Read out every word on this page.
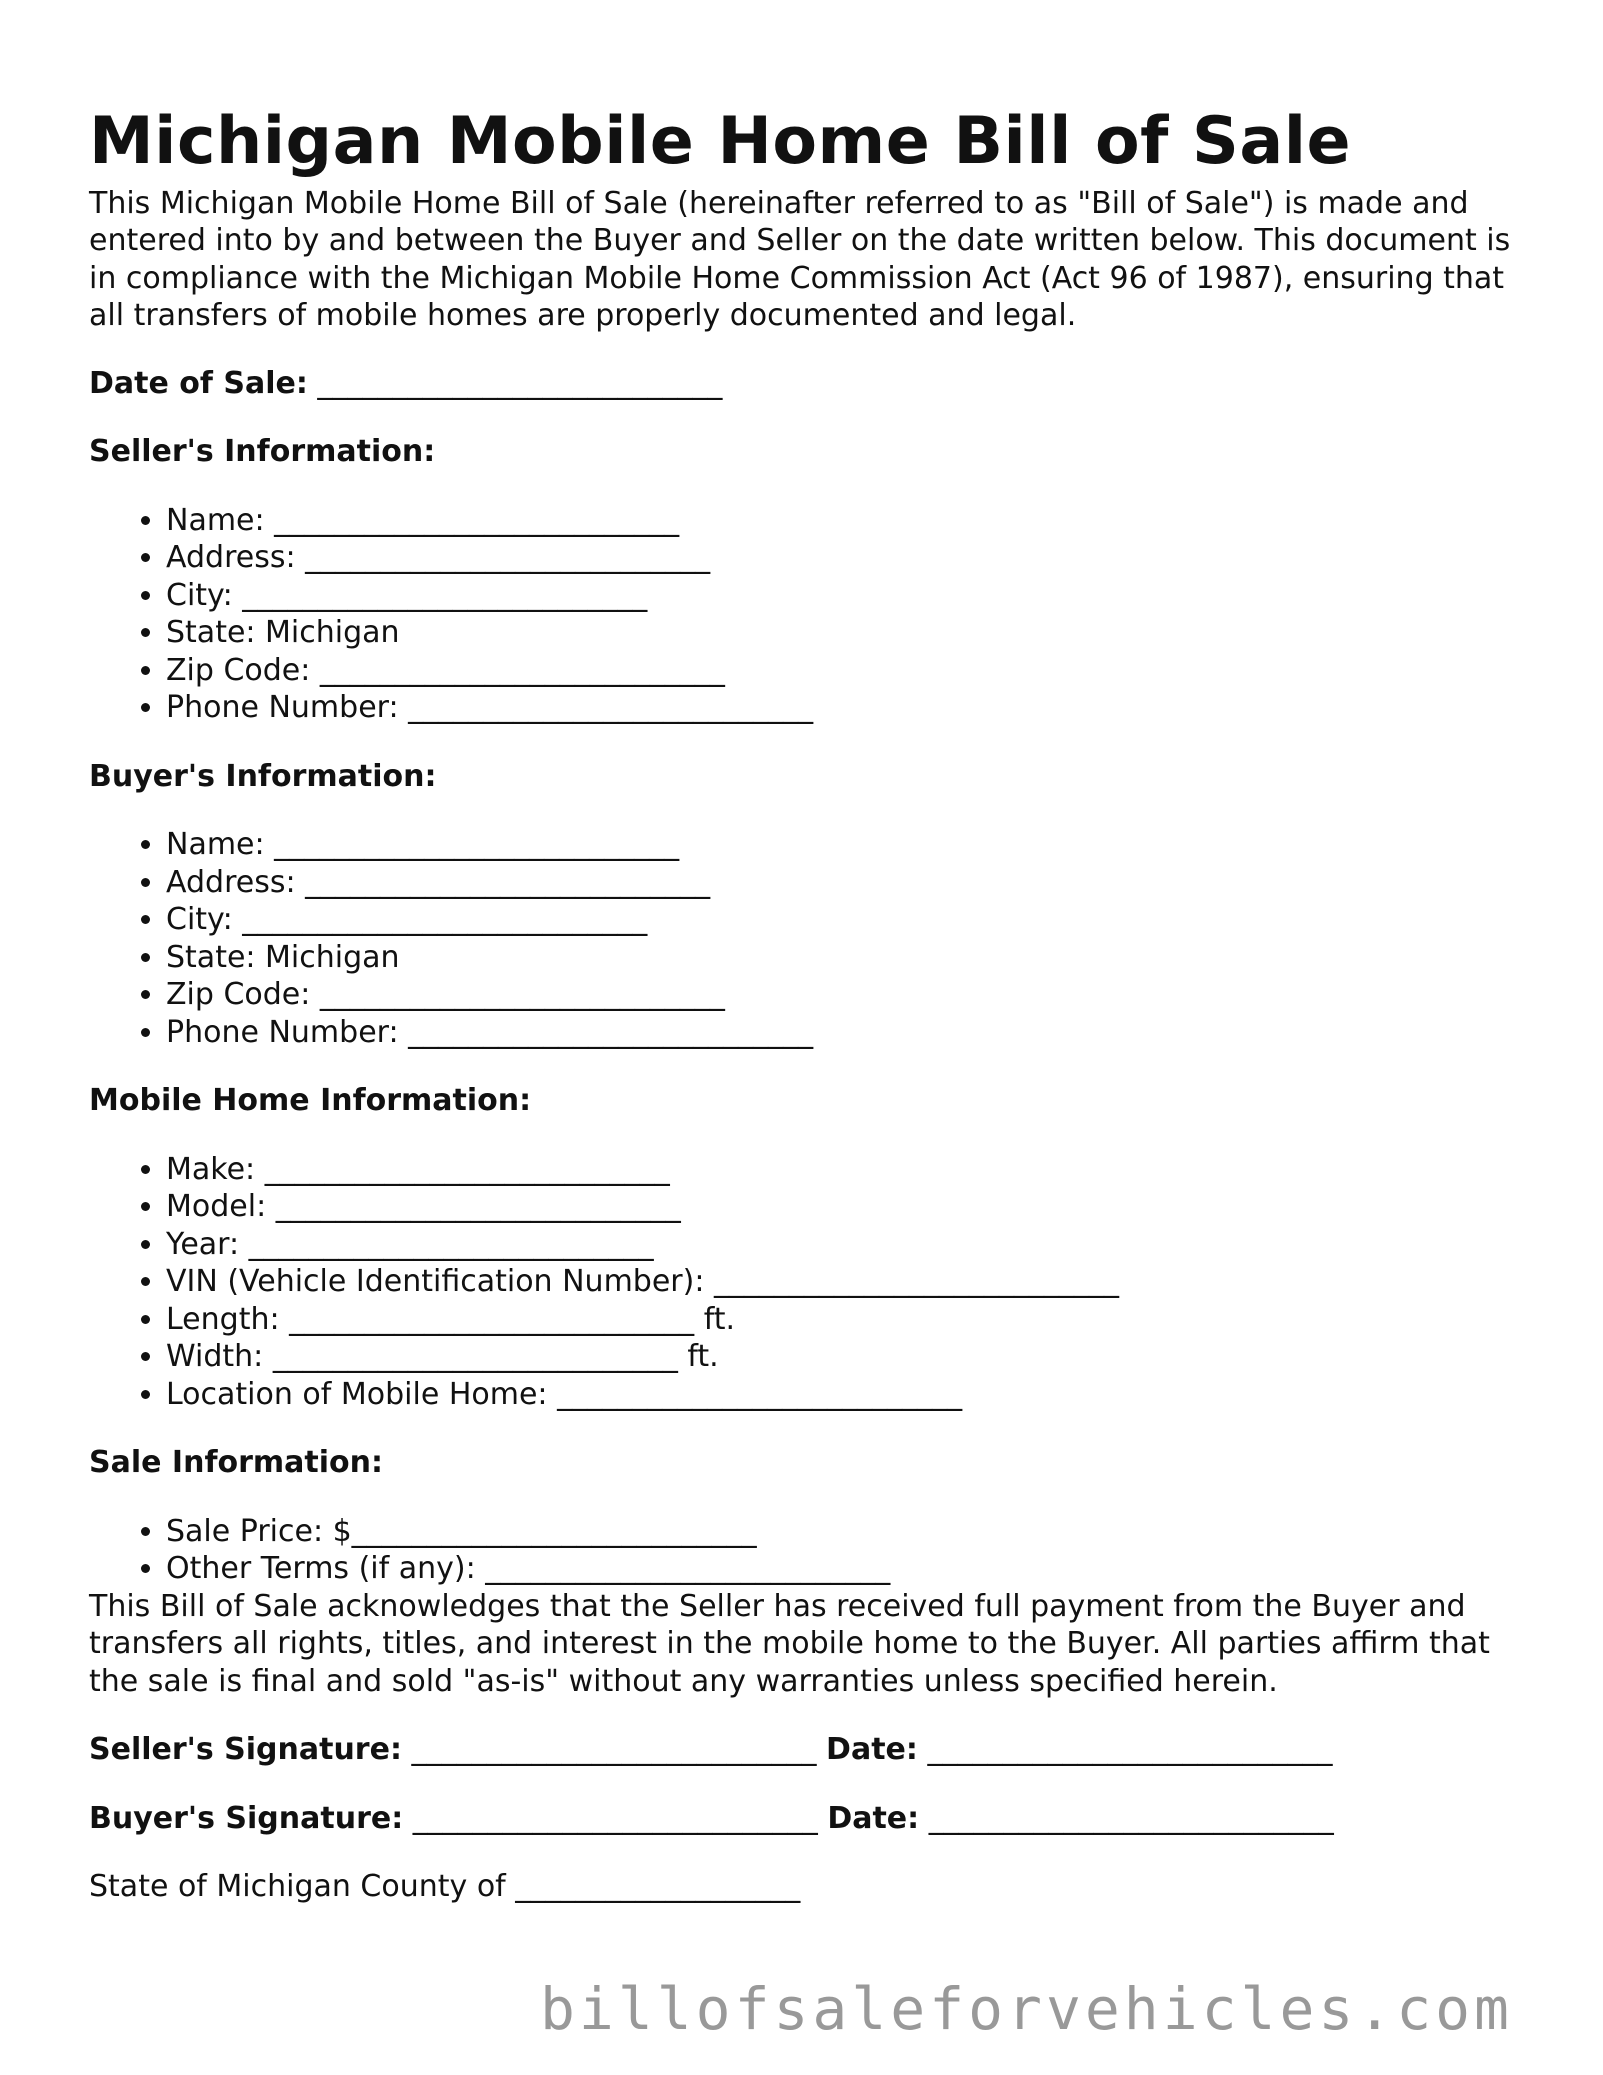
Michigan Mobile Home Bill of Sale

This Michigan Mobile Home Bill of Sale (hereinafter referred to as "Bill of Sale") is made and entered into by and between the Buyer and Seller on the date written below. This document is in compliance with the Michigan Mobile Home Commission Act (Act 96 of 1987), ensuring that all transfers of mobile homes are properly documented and legal.

Date of Sale: ___________________________

Seller's Information:

• Name: ___________________________
• Address: ___________________________
• City: ___________________________
• State: Michigan
• Zip Code: ___________________________
• Phone Number: ___________________________

Buyer's Information:

• Name: ___________________________
• Address: ___________________________
• City: ___________________________
• State: Michigan
• Zip Code: ___________________________
• Phone Number: ___________________________

Mobile Home Information:

• Make: ___________________________
• Model: ___________________________
• Year: ___________________________
• VIN (Vehicle Identification Number): ___________________________
• Length: ___________________________ ft.
• Width: ___________________________ ft.
• Location of Mobile Home: ___________________________

Sale Information:

• Sale Price: $___________________________
• Other Terms (if any): ___________________________

This Bill of Sale acknowledges that the Seller has received full payment from the Buyer and transfers all rights, titles, and interest in the mobile home to the Buyer. All parties affirm that the sale is final and sold "as-is" without any warranties unless specified herein.

Seller's Signature: ___________________________ Date: ___________________________

Buyer's Signature: ___________________________ Date: ___________________________

State of Michigan County of ___________________

billofsaleforvehicles.com
